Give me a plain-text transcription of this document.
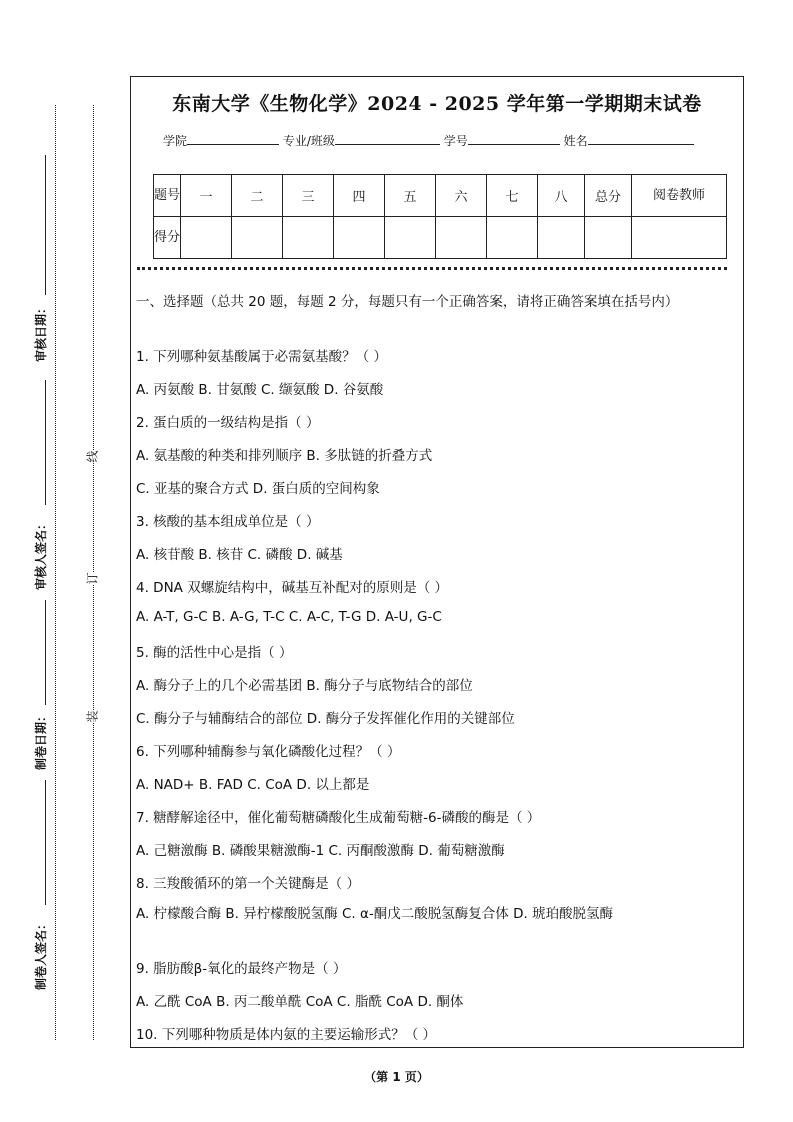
审核日期：
审核人签名：
制卷日期：
制卷人签名：
线
订
装
东南大学《生物化学》2024 - 2025 学年第一学期期末试卷
学院	专业/班级	学号	姓名
题号	一	二	三	四	五	六	七	八	总分	阅卷教师
得分										
一、选择题（总共 20 题，每题 2 分，每题只有一个正确答案，请将正确答案填在括号内）
1. 下列哪种氨基酸属于必需氨基酸？（ ）
A. 丙氨酸 B. 甘氨酸 C. 缬氨酸 D. 谷氨酸
2. 蛋白质的一级结构是指（ ）
A. 氨基酸的种类和排列顺序 B. 多肽链的折叠方式
C. 亚基的聚合方式 D. 蛋白质的空间构象
3. 核酸的基本组成单位是（ ）
A. 核苷酸 B. 核苷 C. 磷酸 D. 碱基
4. DNA 双螺旋结构中，碱基互补配对的原则是（ ）
A. A-T, G-C B. A-G, T-C C. A-C, T-G D. A-U, G-C
5. 酶的活性中心是指（ ）
A. 酶分子上的几个必需基团 B. 酶分子与底物结合的部位
C. 酶分子与辅酶结合的部位 D. 酶分子发挥催化作用的关键部位
6. 下列哪种辅酶参与氧化磷酸化过程？（ ）
A. NAD+ B. FAD C. CoA D. 以上都是
7. 糖酵解途径中，催化葡萄糖磷酸化生成葡萄糖-6-磷酸的酶是（ ）
A. 己糖激酶 B. 磷酸果糖激酶-1 C. 丙酮酸激酶 D. 葡萄糖激酶
8. 三羧酸循环的第一个关键酶是（ ）
A. 柠檬酸合酶 B. 异柠檬酸脱氢酶 C. α-酮戊二酸脱氢酶复合体 D. 琥珀酸脱氢酶
9. 脂肪酸β-氧化的最终产物是（ ）
A. 乙酰 CoA B. 丙二酸单酰 CoA C. 脂酰 CoA D. 酮体
10. 下列哪种物质是体内氨的主要运输形式？（ ）
（第 1 页）
